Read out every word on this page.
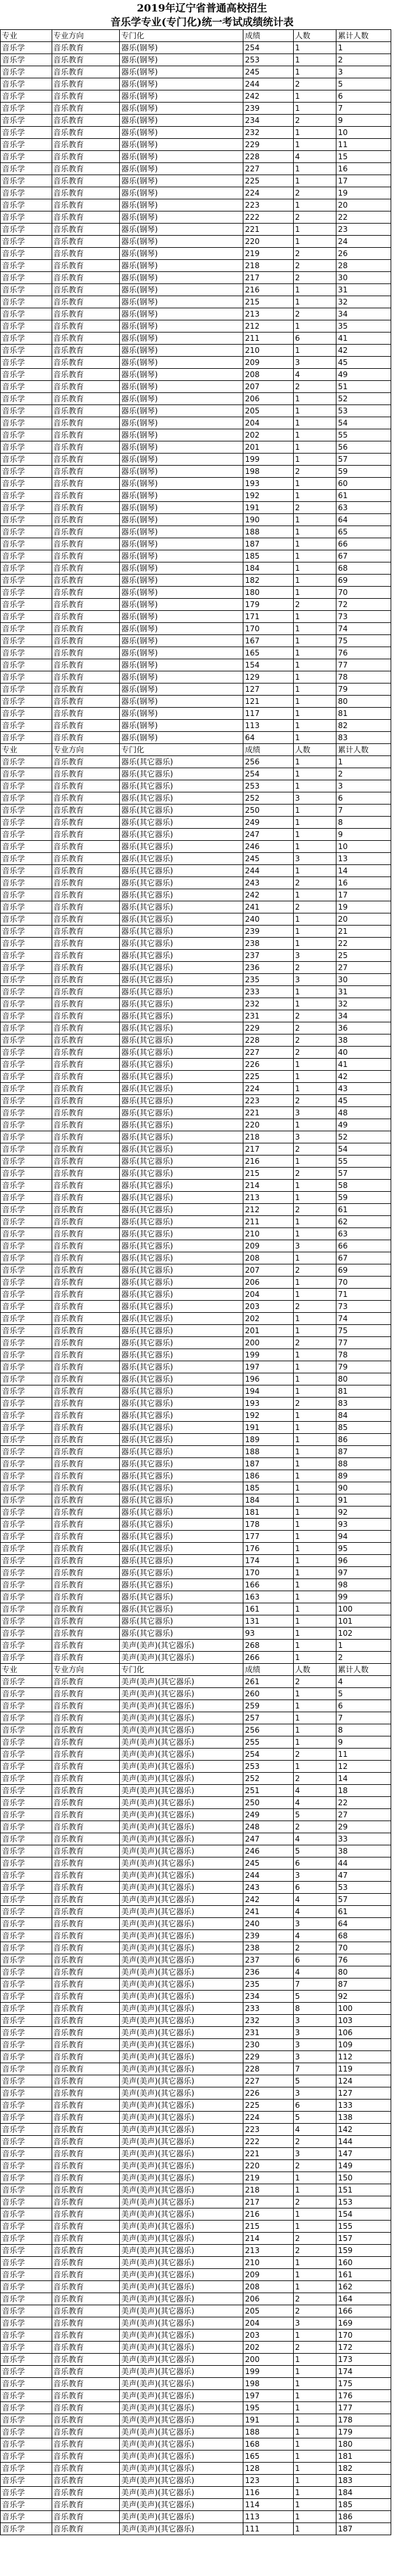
2019年辽宁省普通高校招生
音乐学专业(专门化)统一考试成绩统计表
专业	专业方向	专门化	成绩	人数	累计人数
音乐学	音乐教育	器乐(钢琴)	254	1	1
音乐学	音乐教育	器乐(钢琴)	253	1	2
音乐学	音乐教育	器乐(钢琴)	245	1	3
音乐学	音乐教育	器乐(钢琴)	244	2	5
音乐学	音乐教育	器乐(钢琴)	242	1	6
音乐学	音乐教育	器乐(钢琴)	239	1	7
音乐学	音乐教育	器乐(钢琴)	234	2	9
音乐学	音乐教育	器乐(钢琴)	232	1	10
音乐学	音乐教育	器乐(钢琴)	229	1	11
音乐学	音乐教育	器乐(钢琴)	228	4	15
音乐学	音乐教育	器乐(钢琴)	227	1	16
音乐学	音乐教育	器乐(钢琴)	225	1	17
音乐学	音乐教育	器乐(钢琴)	224	2	19
音乐学	音乐教育	器乐(钢琴)	223	1	20
音乐学	音乐教育	器乐(钢琴)	222	2	22
音乐学	音乐教育	器乐(钢琴)	221	1	23
音乐学	音乐教育	器乐(钢琴)	220	1	24
音乐学	音乐教育	器乐(钢琴)	219	2	26
音乐学	音乐教育	器乐(钢琴)	218	2	28
音乐学	音乐教育	器乐(钢琴)	217	2	30
音乐学	音乐教育	器乐(钢琴)	216	1	31
音乐学	音乐教育	器乐(钢琴)	215	1	32
音乐学	音乐教育	器乐(钢琴)	213	2	34
音乐学	音乐教育	器乐(钢琴)	212	1	35
音乐学	音乐教育	器乐(钢琴)	211	6	41
音乐学	音乐教育	器乐(钢琴)	210	1	42
音乐学	音乐教育	器乐(钢琴)	209	3	45
音乐学	音乐教育	器乐(钢琴)	208	4	49
音乐学	音乐教育	器乐(钢琴)	207	2	51
音乐学	音乐教育	器乐(钢琴)	206	1	52
音乐学	音乐教育	器乐(钢琴)	205	1	53
音乐学	音乐教育	器乐(钢琴)	204	1	54
音乐学	音乐教育	器乐(钢琴)	202	1	55
音乐学	音乐教育	器乐(钢琴)	201	1	56
音乐学	音乐教育	器乐(钢琴)	199	1	57
音乐学	音乐教育	器乐(钢琴)	198	2	59
音乐学	音乐教育	器乐(钢琴)	193	1	60
音乐学	音乐教育	器乐(钢琴)	192	1	61
音乐学	音乐教育	器乐(钢琴)	191	2	63
音乐学	音乐教育	器乐(钢琴)	190	1	64
音乐学	音乐教育	器乐(钢琴)	188	1	65
音乐学	音乐教育	器乐(钢琴)	187	1	66
音乐学	音乐教育	器乐(钢琴)	185	1	67
音乐学	音乐教育	器乐(钢琴)	184	1	68
音乐学	音乐教育	器乐(钢琴)	182	1	69
音乐学	音乐教育	器乐(钢琴)	180	1	70
音乐学	音乐教育	器乐(钢琴)	179	2	72
音乐学	音乐教育	器乐(钢琴)	171	1	73
音乐学	音乐教育	器乐(钢琴)	170	1	74
音乐学	音乐教育	器乐(钢琴)	167	1	75
音乐学	音乐教育	器乐(钢琴)	165	1	76
音乐学	音乐教育	器乐(钢琴)	154	1	77
音乐学	音乐教育	器乐(钢琴)	129	1	78
音乐学	音乐教育	器乐(钢琴)	127	1	79
音乐学	音乐教育	器乐(钢琴)	121	1	80
音乐学	音乐教育	器乐(钢琴)	117	1	81
音乐学	音乐教育	器乐(钢琴)	113	1	82
音乐学	音乐教育	器乐(钢琴)	64	1	83
专业	专业方向	专门化	成绩	人数	累计人数
音乐学	音乐教育	器乐(其它器乐)	256	1	1
音乐学	音乐教育	器乐(其它器乐)	254	1	2
音乐学	音乐教育	器乐(其它器乐)	253	1	3
音乐学	音乐教育	器乐(其它器乐)	252	3	6
音乐学	音乐教育	器乐(其它器乐)	250	1	7
音乐学	音乐教育	器乐(其它器乐)	249	1	8
音乐学	音乐教育	器乐(其它器乐)	247	1	9
音乐学	音乐教育	器乐(其它器乐)	246	1	10
音乐学	音乐教育	器乐(其它器乐)	245	3	13
音乐学	音乐教育	器乐(其它器乐)	244	1	14
音乐学	音乐教育	器乐(其它器乐)	243	2	16
音乐学	音乐教育	器乐(其它器乐)	242	1	17
音乐学	音乐教育	器乐(其它器乐)	241	2	19
音乐学	音乐教育	器乐(其它器乐)	240	1	20
音乐学	音乐教育	器乐(其它器乐)	239	1	21
音乐学	音乐教育	器乐(其它器乐)	238	1	22
音乐学	音乐教育	器乐(其它器乐)	237	3	25
音乐学	音乐教育	器乐(其它器乐)	236	2	27
音乐学	音乐教育	器乐(其它器乐)	235	3	30
音乐学	音乐教育	器乐(其它器乐)	233	1	31
音乐学	音乐教育	器乐(其它器乐)	232	1	32
音乐学	音乐教育	器乐(其它器乐)	231	2	34
音乐学	音乐教育	器乐(其它器乐)	229	2	36
音乐学	音乐教育	器乐(其它器乐)	228	2	38
音乐学	音乐教育	器乐(其它器乐)	227	2	40
音乐学	音乐教育	器乐(其它器乐)	226	1	41
音乐学	音乐教育	器乐(其它器乐)	225	1	42
音乐学	音乐教育	器乐(其它器乐)	224	1	43
音乐学	音乐教育	器乐(其它器乐)	223	2	45
音乐学	音乐教育	器乐(其它器乐)	221	3	48
音乐学	音乐教育	器乐(其它器乐)	220	1	49
音乐学	音乐教育	器乐(其它器乐)	218	3	52
音乐学	音乐教育	器乐(其它器乐)	217	2	54
音乐学	音乐教育	器乐(其它器乐)	216	1	55
音乐学	音乐教育	器乐(其它器乐)	215	2	57
音乐学	音乐教育	器乐(其它器乐)	214	1	58
音乐学	音乐教育	器乐(其它器乐)	213	1	59
音乐学	音乐教育	器乐(其它器乐)	212	2	61
音乐学	音乐教育	器乐(其它器乐)	211	1	62
音乐学	音乐教育	器乐(其它器乐)	210	1	63
音乐学	音乐教育	器乐(其它器乐)	209	3	66
音乐学	音乐教育	器乐(其它器乐)	208	1	67
音乐学	音乐教育	器乐(其它器乐)	207	2	69
音乐学	音乐教育	器乐(其它器乐)	206	1	70
音乐学	音乐教育	器乐(其它器乐)	204	1	71
音乐学	音乐教育	器乐(其它器乐)	203	2	73
音乐学	音乐教育	器乐(其它器乐)	202	1	74
音乐学	音乐教育	器乐(其它器乐)	201	1	75
音乐学	音乐教育	器乐(其它器乐)	200	2	77
音乐学	音乐教育	器乐(其它器乐)	199	1	78
音乐学	音乐教育	器乐(其它器乐)	197	1	79
音乐学	音乐教育	器乐(其它器乐)	196	1	80
音乐学	音乐教育	器乐(其它器乐)	194	1	81
音乐学	音乐教育	器乐(其它器乐)	193	2	83
音乐学	音乐教育	器乐(其它器乐)	192	1	84
音乐学	音乐教育	器乐(其它器乐)	191	1	85
音乐学	音乐教育	器乐(其它器乐)	189	1	86
音乐学	音乐教育	器乐(其它器乐)	188	1	87
音乐学	音乐教育	器乐(其它器乐)	187	1	88
音乐学	音乐教育	器乐(其它器乐)	186	1	89
音乐学	音乐教育	器乐(其它器乐)	185	1	90
音乐学	音乐教育	器乐(其它器乐)	184	1	91
音乐学	音乐教育	器乐(其它器乐)	181	1	92
音乐学	音乐教育	器乐(其它器乐)	178	1	93
音乐学	音乐教育	器乐(其它器乐)	177	1	94
音乐学	音乐教育	器乐(其它器乐)	176	1	95
音乐学	音乐教育	器乐(其它器乐)	174	1	96
音乐学	音乐教育	器乐(其它器乐)	170	1	97
音乐学	音乐教育	器乐(其它器乐)	166	1	98
音乐学	音乐教育	器乐(其它器乐)	163	1	99
音乐学	音乐教育	器乐(其它器乐)	161	1	100
音乐学	音乐教育	器乐(其它器乐)	131	1	101
音乐学	音乐教育	器乐(其它器乐)	93	1	102
音乐学	音乐教育	美声(美声)(其它器乐)	268	1	1
音乐学	音乐教育	美声(美声)(其它器乐)	266	1	2
专业	专业方向	专门化	成绩	人数	累计人数
音乐学	音乐教育	美声(美声)(其它器乐)	261	2	4
音乐学	音乐教育	美声(美声)(其它器乐)	260	1	5
音乐学	音乐教育	美声(美声)(其它器乐)	259	1	6
音乐学	音乐教育	美声(美声)(其它器乐)	257	1	7
音乐学	音乐教育	美声(美声)(其它器乐)	256	1	8
音乐学	音乐教育	美声(美声)(其它器乐)	255	1	9
音乐学	音乐教育	美声(美声)(其它器乐)	254	2	11
音乐学	音乐教育	美声(美声)(其它器乐)	253	1	12
音乐学	音乐教育	美声(美声)(其它器乐)	252	2	14
音乐学	音乐教育	美声(美声)(其它器乐)	251	4	18
音乐学	音乐教育	美声(美声)(其它器乐)	250	4	22
音乐学	音乐教育	美声(美声)(其它器乐)	249	5	27
音乐学	音乐教育	美声(美声)(其它器乐)	248	2	29
音乐学	音乐教育	美声(美声)(其它器乐)	247	4	33
音乐学	音乐教育	美声(美声)(其它器乐)	246	5	38
音乐学	音乐教育	美声(美声)(其它器乐)	245	6	44
音乐学	音乐教育	美声(美声)(其它器乐)	244	3	47
音乐学	音乐教育	美声(美声)(其它器乐)	243	6	53
音乐学	音乐教育	美声(美声)(其它器乐)	242	4	57
音乐学	音乐教育	美声(美声)(其它器乐)	241	4	61
音乐学	音乐教育	美声(美声)(其它器乐)	240	3	64
音乐学	音乐教育	美声(美声)(其它器乐)	239	4	68
音乐学	音乐教育	美声(美声)(其它器乐)	238	2	70
音乐学	音乐教育	美声(美声)(其它器乐)	237	6	76
音乐学	音乐教育	美声(美声)(其它器乐)	236	4	80
音乐学	音乐教育	美声(美声)(其它器乐)	235	7	87
音乐学	音乐教育	美声(美声)(其它器乐)	234	5	92
音乐学	音乐教育	美声(美声)(其它器乐)	233	8	100
音乐学	音乐教育	美声(美声)(其它器乐)	232	3	103
音乐学	音乐教育	美声(美声)(其它器乐)	231	3	106
音乐学	音乐教育	美声(美声)(其它器乐)	230	3	109
音乐学	音乐教育	美声(美声)(其它器乐)	229	3	112
音乐学	音乐教育	美声(美声)(其它器乐)	228	7	119
音乐学	音乐教育	美声(美声)(其它器乐)	227	5	124
音乐学	音乐教育	美声(美声)(其它器乐)	226	3	127
音乐学	音乐教育	美声(美声)(其它器乐)	225	6	133
音乐学	音乐教育	美声(美声)(其它器乐)	224	5	138
音乐学	音乐教育	美声(美声)(其它器乐)	223	4	142
音乐学	音乐教育	美声(美声)(其它器乐)	222	2	144
音乐学	音乐教育	美声(美声)(其它器乐)	221	3	147
音乐学	音乐教育	美声(美声)(其它器乐)	220	2	149
音乐学	音乐教育	美声(美声)(其它器乐)	219	1	150
音乐学	音乐教育	美声(美声)(其它器乐)	218	1	151
音乐学	音乐教育	美声(美声)(其它器乐)	217	2	153
音乐学	音乐教育	美声(美声)(其它器乐)	216	1	154
音乐学	音乐教育	美声(美声)(其它器乐)	215	1	155
音乐学	音乐教育	美声(美声)(其它器乐)	214	2	157
音乐学	音乐教育	美声(美声)(其它器乐)	213	2	159
音乐学	音乐教育	美声(美声)(其它器乐)	210	1	160
音乐学	音乐教育	美声(美声)(其它器乐)	209	1	161
音乐学	音乐教育	美声(美声)(其它器乐)	208	1	162
音乐学	音乐教育	美声(美声)(其它器乐)	206	2	164
音乐学	音乐教育	美声(美声)(其它器乐)	205	2	166
音乐学	音乐教育	美声(美声)(其它器乐)	204	3	169
音乐学	音乐教育	美声(美声)(其它器乐)	203	1	170
音乐学	音乐教育	美声(美声)(其它器乐)	202	2	172
音乐学	音乐教育	美声(美声)(其它器乐)	200	1	173
音乐学	音乐教育	美声(美声)(其它器乐)	199	1	174
音乐学	音乐教育	美声(美声)(其它器乐)	198	1	175
音乐学	音乐教育	美声(美声)(其它器乐)	197	1	176
音乐学	音乐教育	美声(美声)(其它器乐)	195	1	177
音乐学	音乐教育	美声(美声)(其它器乐)	191	1	178
音乐学	音乐教育	美声(美声)(其它器乐)	188	1	179
音乐学	音乐教育	美声(美声)(其它器乐)	168	1	180
音乐学	音乐教育	美声(美声)(其它器乐)	165	1	181
音乐学	音乐教育	美声(美声)(其它器乐)	128	1	182
音乐学	音乐教育	美声(美声)(其它器乐)	123	1	183
音乐学	音乐教育	美声(美声)(其它器乐)	116	1	184
音乐学	音乐教育	美声(美声)(其它器乐)	114	1	185
音乐学	音乐教育	美声(美声)(其它器乐)	113	1	186
音乐学	音乐教育	美声(美声)(其它器乐)	111	1	187
辽宁招生 · 出国留学
